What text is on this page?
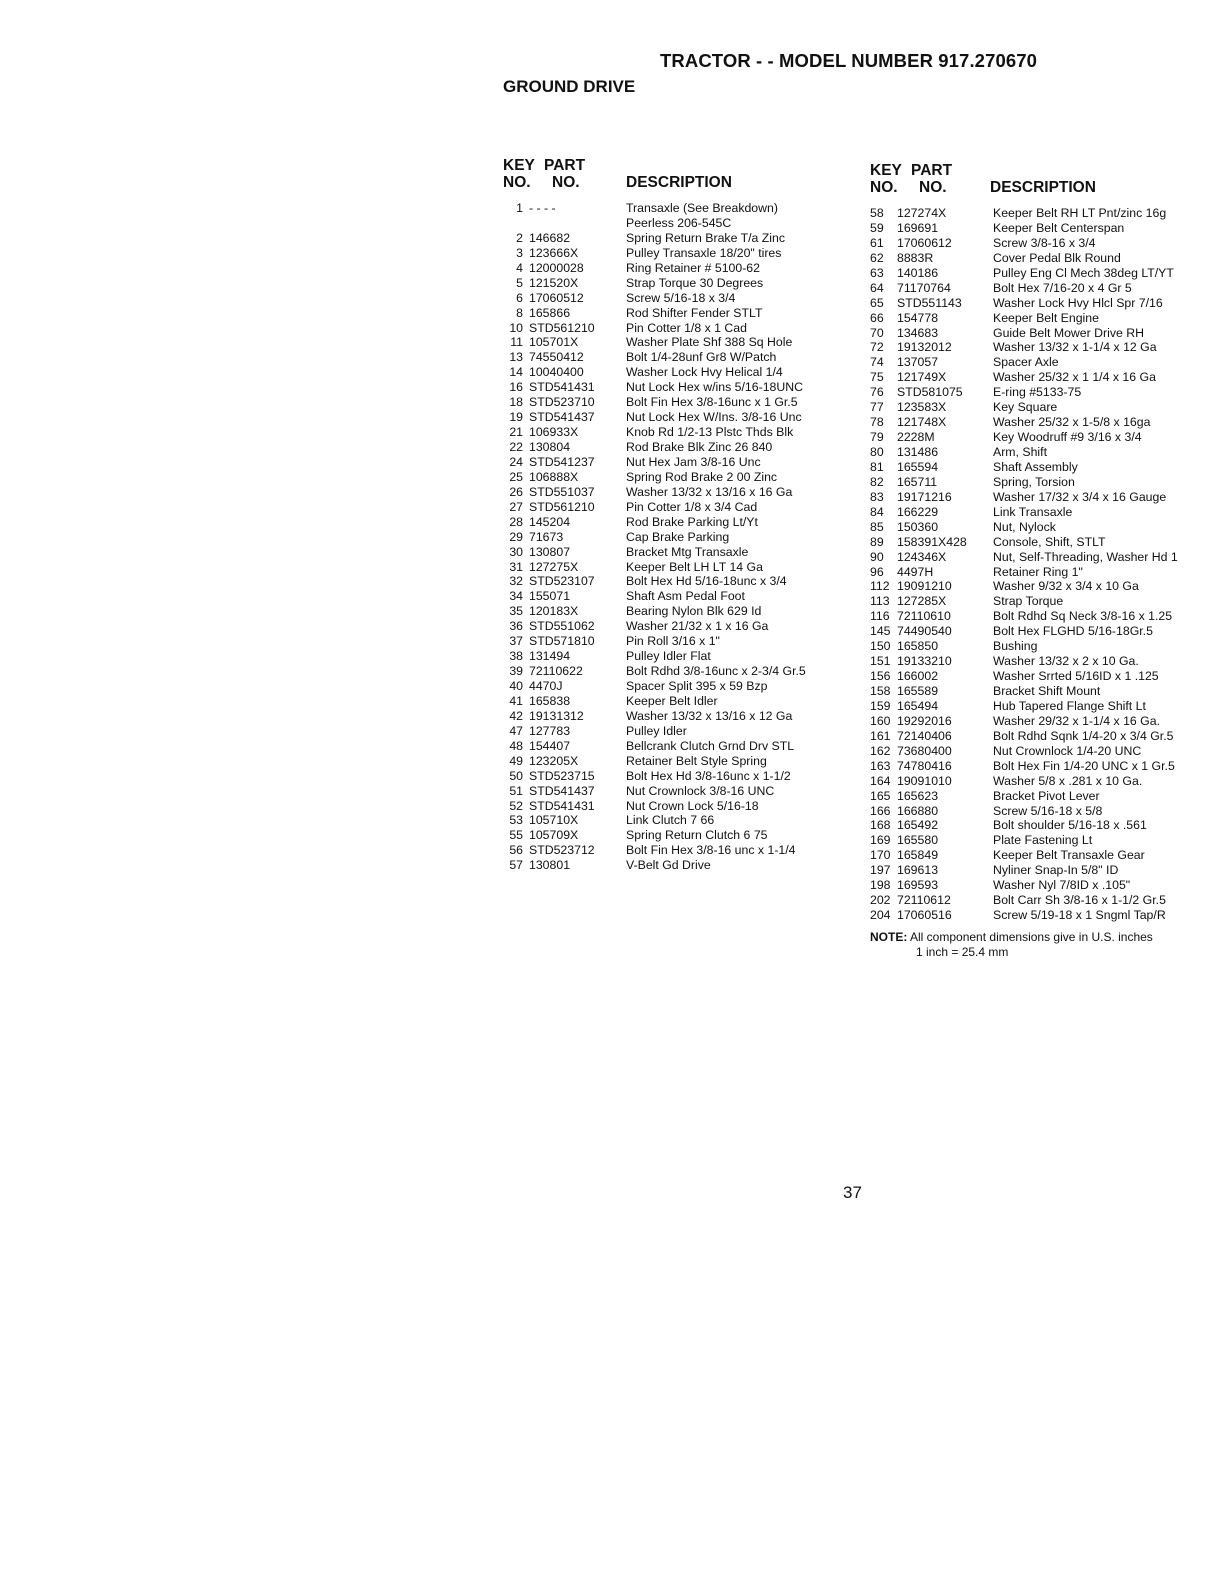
TRACTOR - - MODEL NUMBER 917.270670
GROUND DRIVE
KEY PART
NO. NO.	DESCRIPTION
1 - - - -	Transaxle (See Breakdown)
Peerless 206-545C
2 146682	Spring Return Brake T/a Zinc
3 123666X	Pulley Transaxle 18/20" tires
4 12000028	Ring Retainer # 5100-62
5 121520X	Strap Torque 30 Degrees
6 17060512	Screw 5/16-18 x 3/4
8 165866	Rod Shifter Fender STLT
10 STD561210	Pin Cotter 1/8 x 1 Cad
11 105701X	Washer Plate Shf 388 Sq Hole
13 74550412	Bolt 1/4-28unf Gr8 W/Patch
14 10040400	Washer Lock Hvy Helical 1/4
16 STD541431	Nut Lock Hex w/ins 5/16-18UNC
18 STD523710	Bolt Fin Hex 3/8-16unc x 1 Gr.5
19 STD541437	Nut Lock Hex W/Ins. 3/8-16 Unc
21 106933X	Knob Rd 1/2-13 Plstc Thds Blk
22 130804	Rod Brake Blk Zinc 26 840
24 STD541237	Nut Hex Jam 3/8-16 Unc
25 106888X	Spring Rod Brake 2 00 Zinc
26 STD551037	Washer 13/32 x 13/16 x 16 Ga
27 STD561210	Pin Cotter 1/8 x 3/4 Cad
28 145204	Rod Brake Parking Lt/Yt
29 71673	Cap Brake Parking
30 130807	Bracket Mtg Transaxle
31 127275X	Keeper Belt LH LT 14 Ga
32 STD523107	Bolt Hex Hd 5/16-18unc x 3/4
34 155071	Shaft Asm Pedal Foot
35 120183X	Bearing Nylon Blk 629 Id
36 STD551062	Washer 21/32 x 1 x 16 Ga
37 STD571810	Pin Roll 3/16 x 1"
38 131494	Pulley Idler Flat
39 72110622	Bolt Rdhd 3/8-16unc x 2-3/4 Gr.5
40 4470J	Spacer Split 395 x 59 Bzp
41 165838	Keeper Belt Idler
42 19131312	Washer 13/32 x 13/16 x 12 Ga
47 127783	Pulley Idler
48 154407	Bellcrank Clutch Grnd Drv STL
49 123205X	Retainer Belt Style Spring
50 STD523715	Bolt Hex Hd 3/8-16unc x 1-1/2
51 STD541437	Nut Crownlock 3/8-16 UNC
52 STD541431	Nut Crown Lock 5/16-18
53 105710X	Link Clutch 7 66
55 105709X	Spring Return Clutch 6 75
56 STD523712	Bolt Fin Hex 3/8-16 unc x 1-1/4
57 130801	V-Belt Gd Drive
KEY PART
NO. NO.	DESCRIPTION
58	127274X	Keeper Belt RH LT Pnt/zinc 16g
59	169691	Keeper Belt Centerspan
61	17060612	Screw 3/8-16 x 3/4
62	8883R	Cover Pedal Blk Round
63	140186	Pulley Eng Cl Mech 38deg LT/YT
64	71170764	Bolt Hex 7/16-20 x 4 Gr 5
65	STD551143	Washer Lock Hvy Hlcl Spr 7/16
66	154778	Keeper Belt Engine
70	134683	Guide Belt Mower Drive RH
72	19132012	Washer 13/32 x 1-1/4 x 12 Ga
74	137057	Spacer Axle
75	121749X	Washer 25/32 x 1 1/4 x 16 Ga
76	STD581075 E-ring #5133-75
77	123583X	Key Square
78	121748X	Washer 25/32 x 1-5/8 x 16ga
79	2228M	Key Woodruff #9 3/16 x 3/4
80	131486	Arm, Shift
81	165594	Shaft Assembly
82	165711	Spring, Torsion
83	19171216	Washer 17/32 x 3/4 x 16 Gauge
84	166229	Link Transaxle
85	150360	Nut, Nylock
89	158391X428 Console, Shift, STLT
90	124346X	Nut, Self-Threading, Washer Hd 1
96	4497H	Retainer Ring 1"
112 19091210	Washer 9/32 x 3/4 x 10 Ga
113 127285X	Strap Torque
116 72110610	Bolt Rdhd Sq Neck 3/8-16 x 1.25
145 74490540	Bolt Hex FLGHD 5/16-18Gr.5
150 165850	Bushing
151 19133210	Washer 13/32 x 2 x 10 Ga.
156 166002	Washer Srrted 5/16ID x 1 .125
158 165589	Bracket Shift Mount
159 165494	Hub Tapered Flange Shift Lt
160 19292016	Washer 29/32 x 1-1/4 x 16 Ga.
161 72140406	Bolt Rdhd Sqnk 1/4-20 x 3/4 Gr.5
162 73680400	Nut Crownlock 1/4-20 UNC
163 74780416	Bolt Hex Fin 1/4-20 UNC x 1 Gr.5
164 19091010	Washer 5/8 x .281 x 10 Ga.
165 165623	Bracket Pivot Lever
166 166880	Screw 5/16-18 x 5/8
168 165492	Bolt shoulder 5/16-18 x .561
169 165580	Plate Fastening Lt
170 165849	Keeper Belt Transaxle Gear
197 169613	Nyliner Snap-In 5/8" ID
198 169593	Washer Nyl 7/8ID x .105"
202 72110612	Bolt Carr Sh 3/8-16 x 1-1/2 Gr.5
204 17060516	Screw 5/19-18 x 1 Sngml Tap/R
NOTE: All component dimensions give in U.S. inches
1 inch = 25.4 mm
37
